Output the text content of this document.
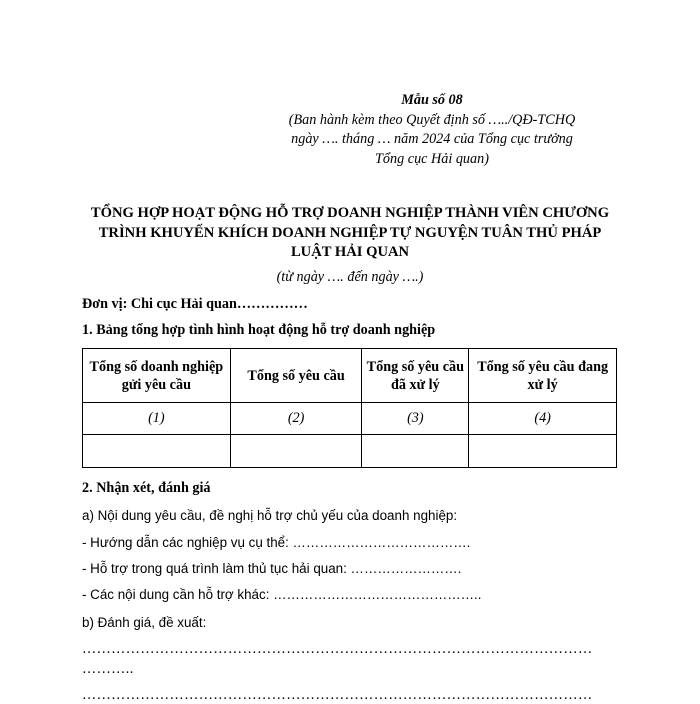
Mẫu số 08
(Ban hành kèm theo Quyết định số …../QĐ-TCHQ
ngày …. tháng … năm 2024 của Tổng cục trưởng
Tổng cục Hải quan)
TỔNG HỢP HOẠT ĐỘNG HỖ TRỢ DOANH NGHIỆP THÀNH VIÊN CHƯƠNG
TRÌNH KHUYẾN KHÍCH DOANH NGHIỆP TỰ NGUYỆN TUÂN THỦ PHÁP
LUẬT HẢI QUAN
(từ ngày …. đến ngày ….)
Đơn vị: Chi cục Hải quan……………
1. Bảng tổng hợp tình hình hoạt động hỗ trợ doanh nghiệp
Tổng số doanh nghiệp gửi yêu cầu	Tổng số yêu cầu	Tổng số yêu cầu đã xử lý	Tổng số yêu cầu đang xử lý
(1)	(2)	(3)	(4)

2. Nhận xét, đánh giá
a) Nội dung yêu cầu, đề nghị hỗ trợ chủ yếu của doanh nghiệp:
- Hướng dẫn các nghiệp vụ cụ thể: ………………………………….
- Hỗ trợ trong quá trình làm thủ tục hải quan: …………………….
- Các nội dung cần hỗ trợ khác: ………………………………………..
b) Đánh giá, đề xuất:
……………………………………………………………………………………………
………..
……………………………………………………………………………………………
